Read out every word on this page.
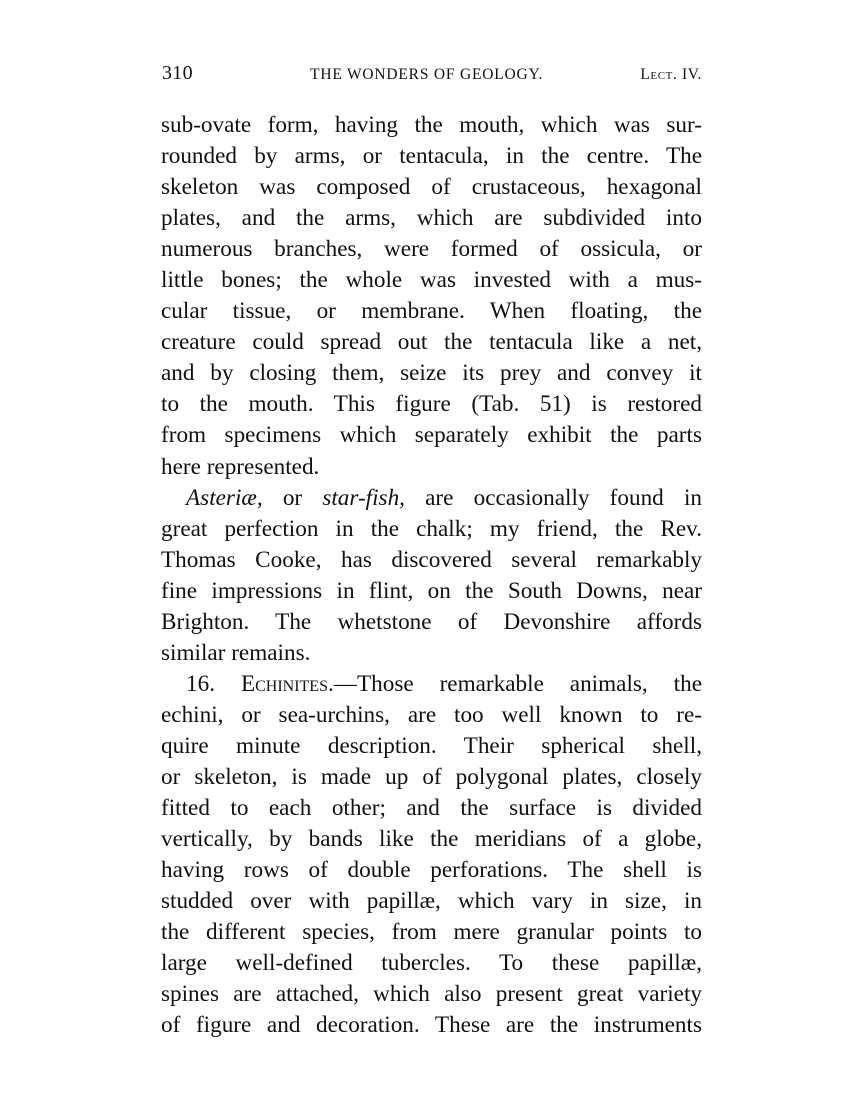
310	THE WONDERS OF GEOLOGY.	Lect. IV.
sub-ovate form, having the mouth, which was sur-
rounded by arms, or tentacula, in the centre. The
skeleton was composed of crustaceous, hexagonal
plates, and the arms, which are subdivided into
numerous branches, were formed of ossicula, or
little bones; the whole was invested with a mus-
cular tissue, or membrane. When floating, the
creature could spread out the tentacula like a net,
and by closing them, seize its prey and convey it
to the mouth. This figure (Tab. 51) is restored
from specimens which separately exhibit the parts
here represented.
Asteriæ, or star-fish, are occasionally found in
great perfection in the chalk; my friend, the Rev.
Thomas Cooke, has discovered several remarkably
fine impressions in flint, on the South Downs, near
Brighton. The whetstone of Devonshire affords
similar remains.
16. Echinites.—Those remarkable animals, the
echini, or sea-urchins, are too well known to re-
quire minute description. Their spherical shell,
or skeleton, is made up of polygonal plates, closely
fitted to each other; and the surface is divided
vertically, by bands like the meridians of a globe,
having rows of double perforations. The shell is
studded over with papillæ, which vary in size, in
the different species, from mere granular points to
large well-defined tubercles. To these papillæ,
spines are attached, which also present great variety
of figure and decoration. These are the instruments
